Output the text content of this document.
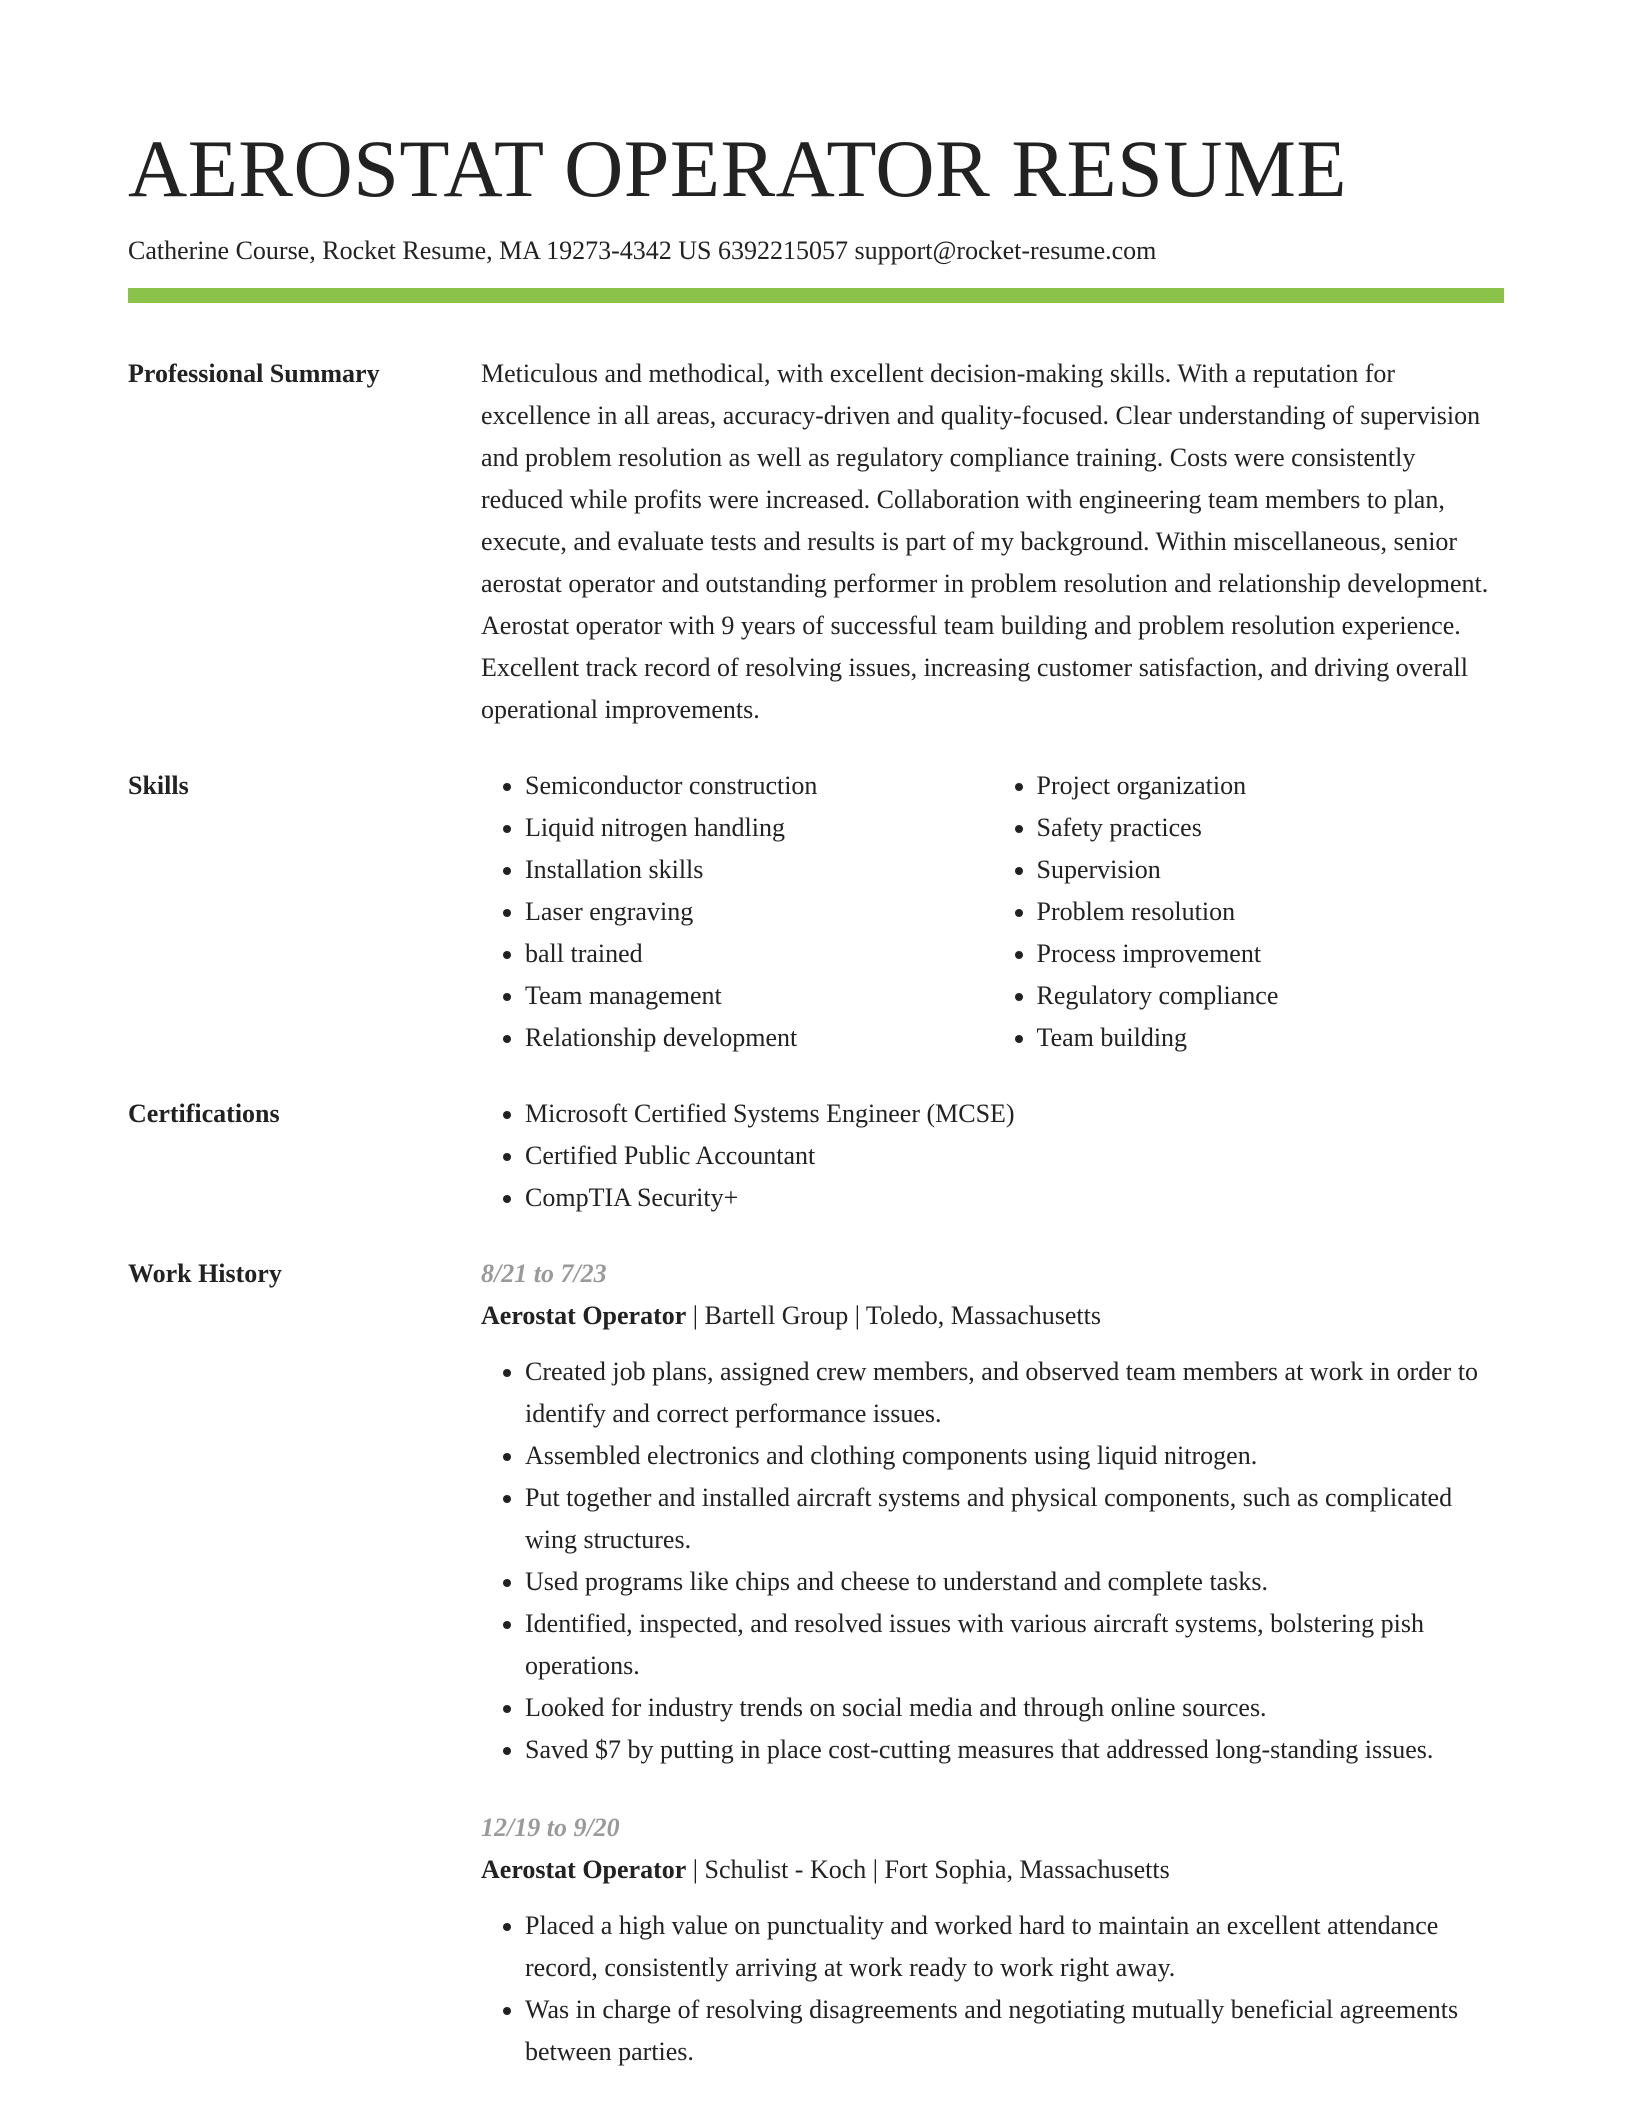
AEROSTAT OPERATOR RESUME
Catherine Course, Rocket Resume, MA 19273-4342 US 6392215057 support@rocket-resume.com
Professional Summary	Meticulous and methodical, with excellent decision-making skills. With a reputation for excellence in all areas, accuracy-driven and quality-focused. Clear understanding of supervision and problem resolution as well as regulatory compliance training. Costs were consistently reduced while profits were increased. Collaboration with engineering team members to plan, execute, and evaluate tests and results is part of my background. Within miscellaneous, senior aerostat operator and outstanding performer in problem resolution and relationship development. Aerostat operator with 9 years of successful team building and problem resolution experience. Excellent track record of resolving issues, increasing customer satisfaction, and driving overall operational improvements.

Skills	• Semiconductor construction
• Liquid nitrogen handling
• Installation skills
• Laser engraving
• ball trained
• Team management
• Relationship development
• Project organization
• Safety practices
• Supervision
• Problem resolution
• Process improvement
• Regulatory compliance
• Team building
Certifications	• Microsoft Certified Systems Engineer (MCSE)
• Certified Public Accountant
• CompTIA Security+
Work History	8/21 to 7/23
Aerostat Operator | Bartell Group | Toledo, Massachusetts
• Created job plans, assigned crew members, and observed team members at work in order to identify and correct performance issues.
• Assembled electronics and clothing components using liquid nitrogen.
• Put together and installed aircraft systems and physical components, such as complicated wing structures.
• Used programs like chips and cheese to understand and complete tasks.
• Identified, inspected, and resolved issues with various aircraft systems, bolstering pish operations.
• Looked for industry trends on social media and through online sources.
• Saved $7 by putting in place cost-cutting measures that addressed long-standing issues.
12/19 to 9/20
Aerostat Operator | Schulist - Koch | Fort Sophia, Massachusetts
• Placed a high value on punctuality and worked hard to maintain an excellent attendance record, consistently arriving at work ready to work right away.
• Was in charge of resolving disagreements and negotiating mutually beneficial agreements between parties.
